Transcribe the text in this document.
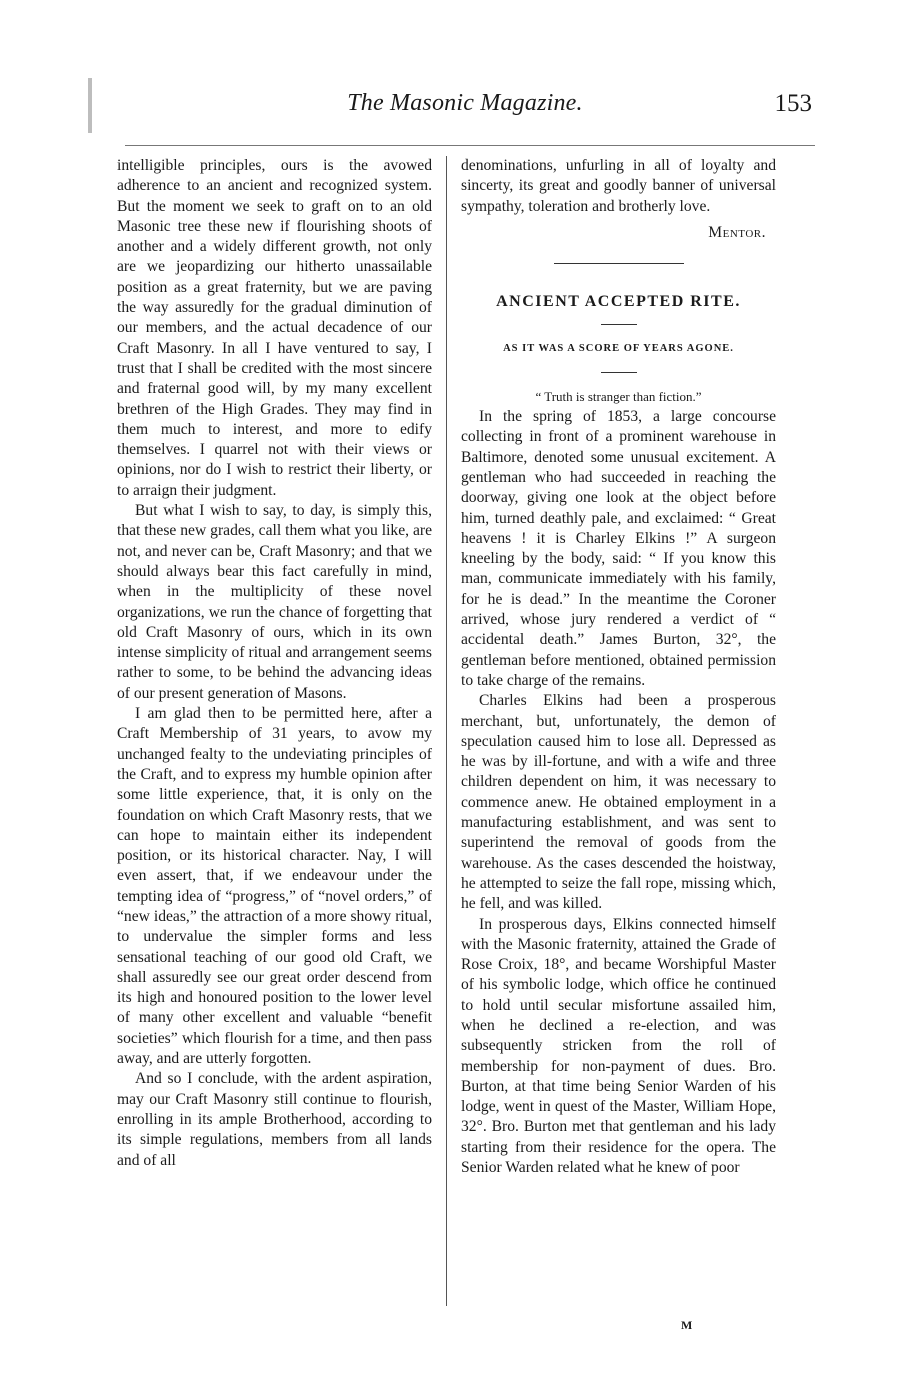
The Masonic Magazine.	153

intelligible principles, ours is the avowed adherence to an ancient and recognized system. But the moment we seek to graft on to an old Masonic tree these new if flourishing shoots of another and a widely different growth, not only are we jeopardizing our hitherto unassailable position as a great fraternity, but we are paving the way assuredly for the gradual diminution of our members, and the actual decadence of our Craft Masonry. In all I have ventured to say, I trust that I shall be credited with the most sincere and fraternal good will, by my many excellent brethren of the High Grades. They may find in them much to interest, and more to edify themselves. I quarrel not with their views or opinions, nor do I wish to restrict their liberty, or to arraign their judgment.

But what I wish to say, to day, is simply this, that these new grades, call them what you like, are not, and never can be, Craft Masonry; and that we should always bear this fact carefully in mind, when in the multiplicity of these novel organizations, we run the chance of forgetting that old Craft Masonry of ours, which in its own intense simplicity of ritual and arrangement seems rather to some, to be behind the advancing ideas of our present generation of Masons.

I am glad then to be permitted here, after a Craft Membership of 31 years, to avow my unchanged fealty to the undeviating principles of the Craft, and to express my humble opinion after some little experience, that, it is only on the foundation on which Craft Masonry rests, that we can hope to maintain either its independent position, or its historical character. Nay, I will even assert, that, if we endeavour under the tempting idea of “progress,” of “novel orders,” of “new ideas,” the attraction of a more showy ritual, to undervalue the simpler forms and less sensational teaching of our good old Craft, we shall assuredly see our great order descend from its high and honoured position to the lower level of many other excellent and valuable “benefit societies” which flourish for a time, and then pass away, and are utterly forgotten.

And so I conclude, with the ardent aspiration, may our Craft Masonry still continue to flourish, enrolling in its ample Brotherhood, according to its simple regulations, members from all lands and of all

denominations, unfurling in all of loyalty and sincerty, its great and goodly banner of universal sympathy, toleration and brotherly love.

Mentor.
ANCIENT ACCEPTED RITE.
AS IT WAS A SCORE OF YEARS AGONE.

“ Truth is stranger than fiction.”

In the spring of 1853, a large concourse collecting in front of a prominent warehouse in Baltimore, denoted some unusual excitement. A gentleman who had succeeded in reaching the doorway, giving one look at the object before him, turned deathly pale, and exclaimed: “ Great heavens ! it is Charley Elkins !” A surgeon kneeling by the body, said: “ If you know this man, communicate immediately with his family, for he is dead.” In the meantime the Coroner arrived, whose jury rendered a verdict of “ accidental death.” James Burton, 32°, the gentleman before mentioned, obtained permission to take charge of the remains.

Charles Elkins had been a prosperous merchant, but, unfortunately, the demon of speculation caused him to lose all. Depressed as he was by ill-fortune, and with a wife and three children dependent on him, it was necessary to commence anew. He obtained employment in a manufacturing establishment, and was sent to superintend the removal of goods from the warehouse. As the cases descended the hoistway, he attempted to seize the fall rope, missing which, he fell, and was killed.

In prosperous days, Elkins connected himself with the Masonic fraternity, attained the Grade of Rose Croix, 18°, and became Worshipful Master of his symbolic lodge, which office he continued to hold until secular misfortune assailed him, when he declined a re-election, and was subsequently stricken from the roll of membership for non-payment of dues. Bro. Burton, at that time being Senior Warden of his lodge, went in quest of the Master, William Hope, 32°. Bro. Burton met that gentleman and his lady starting from their residence for the opera. The Senior Warden related what he knew of poor

M
